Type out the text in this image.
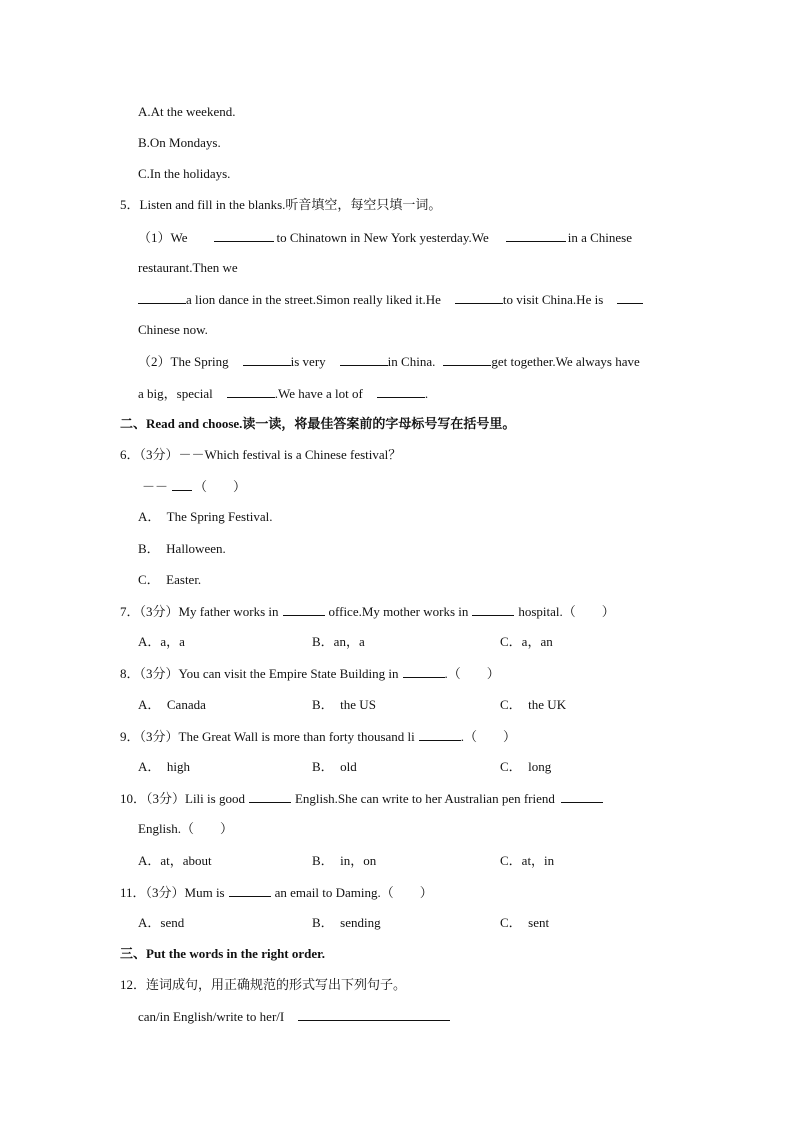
A.At the weekend.
B.On Mondays.
C.In the holidays.
5．Listen and fill in the blanks.听音填空，每空只填一词。
（1）We	to Chinatown in New York yesterday.We	in a Chinese
restaurant.Then we
a lion dance in the street.Simon really liked it.He	to visit China.He is
Chinese now.
（2）The Spring	is very	in China.	get together.We always have
a big，special	.We have a lot of	.
二、Read and choose.读一读，将最佳答案前的字母标号写在括号里。
6．（3分）－－Which festival is a Chinese festival？
－－ （　　）
A．  The Spring Festival.
B．  Halloween.
C．  Easter.
7．（3分）My father works in	office.My mother works in	hospital.（　　）
A．a，a	B．an，a	C．a，an
8．（3分）You can visit the Empire State Building in	.（　　）
A．  Canada	B．  the US	C．  the UK
9．（3分）The Great Wall is more than forty thousand li	.（　　）
A．  high	B．  old	C．  long
10．（3分）Lili is good	English.She can write to her Australian pen friend
English.（　　）
A．at，about	B．  in，on	C．at，in
11．（3分）Mum is	an email to Daming.（　　）
A．send	B．  sending	C．  sent
三、Put the words in the right order.
12．连词成句，用正确规范的形式写出下列句子。
can/in English/write to her/I
